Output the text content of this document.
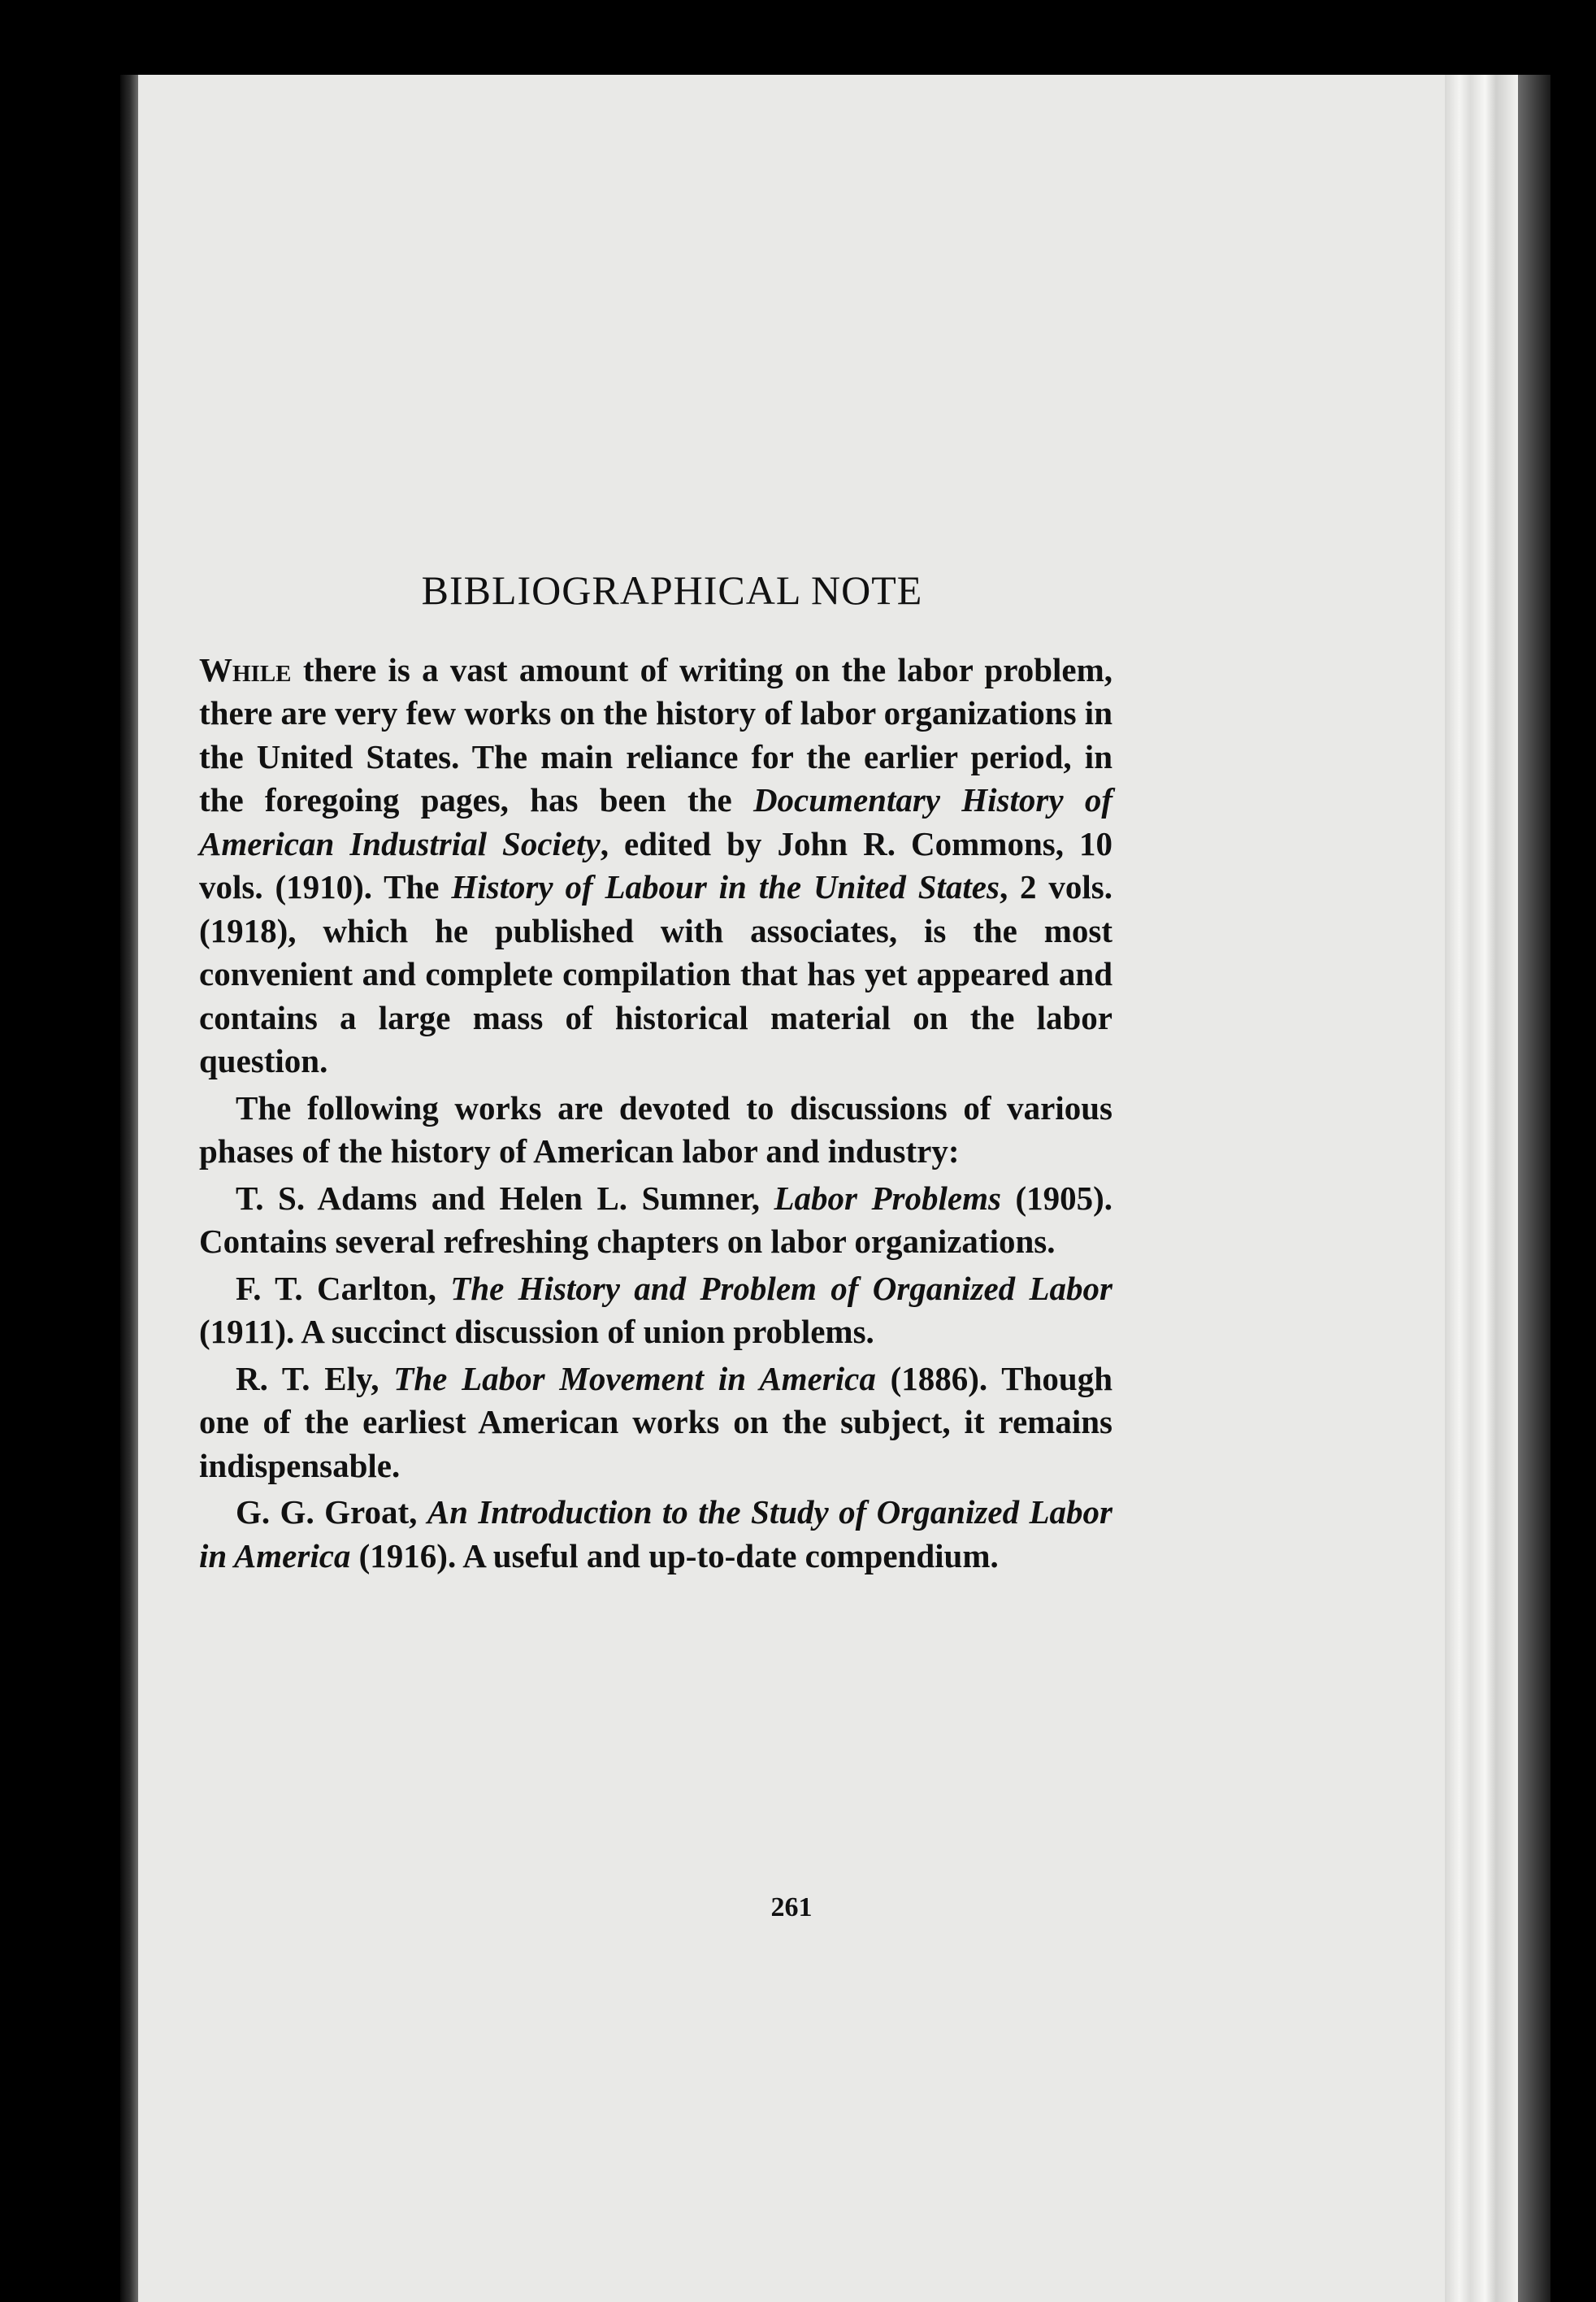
261
BIBLIOGRAPHICAL NOTE

While there is a vast amount of writing on the labor problem, there are very few works on the history of labor organizations in the United States. The main reliance for the earlier period, in the foregoing pages, has been the Documentary History of American Industrial Society, edited by John R. Commons, 10 vols. (1910). The History of Labour in the United States, 2 vols. (1918), which he published with associates, is the most convenient and complete compilation that has yet appeared and contains a large mass of historical material on the labor question.

The following works are devoted to discussions of various phases of the history of American labor and industry:

T. S. Adams and Helen L. Sumner, Labor Problems (1905). Contains several refreshing chapters on labor organizations.

F. T. Carlton, The History and Problem of Organized Labor (1911). A succinct discussion of union problems.

R. T. Ely, The Labor Movement in America (1886). Though one of the earliest American works on the subject, it remains indispensable.

G. G. Groat, An Introduction to the Study of Organized Labor in America (1916). A useful and up-to-date compendium.
